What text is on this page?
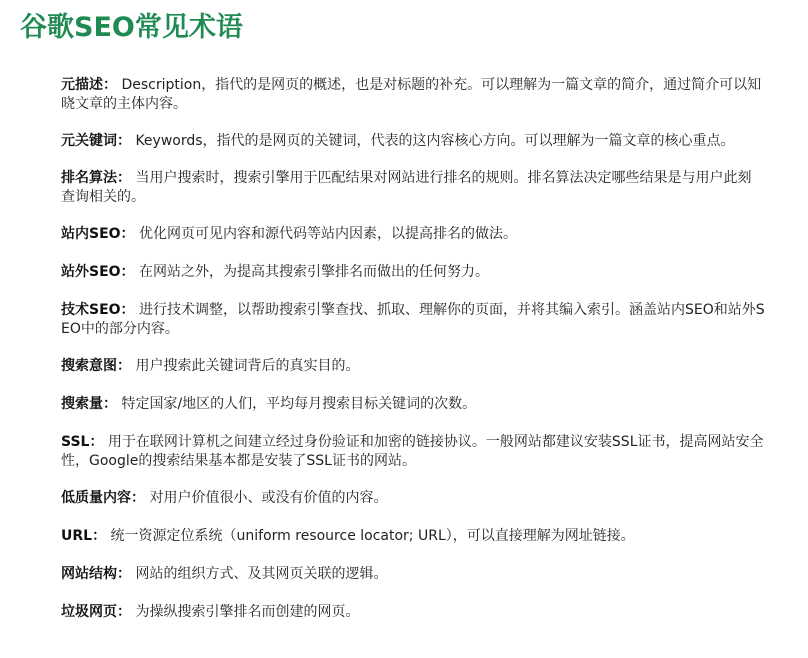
谷歌SEO常见术语

元描述： Description，指代的是网页的概述，也是对标题的补充。可以理解为一篇文章的简介，通过简介可以知晓文章的主体内容。

元关键词： Keywords，指代的是网页的关键词，代表的这内容核心方向。可以理解为一篇文章的核心重点。

排名算法： 当用户搜索时，搜索引擎用于匹配结果对网站进行排名的规则。排名算法决定哪些结果是与用户此刻查询相关的。

站内SEO： 优化网页可见内容和源代码等站内因素，以提高排名的做法。

站外SEO： 在网站之外，为提高其搜索引擎排名而做出的任何努力。

技术SEO： 进行技术调整，以帮助搜索引擎查找、抓取、理解你的页面，并将其编入索引。涵盖站内SEO和站外SEO中的部分内容。

搜索意图： 用户搜索此关键词背后的真实目的。

搜索量： 特定国家/地区的人们，平均每月搜索目标关键词的次数。

SSL： 用于在联网计算机之间建立经过身份验证和加密的链接协议。一般网站都建议安装SSL证书，提高网站安全性，Google的搜索结果基本都是安装了SSL证书的网站。

低质量内容： 对用户价值很小、或没有价值的内容。

URL： 统一资源定位系统（uniform resource locator; URL），可以直接理解为网址链接。

网站结构： 网站的组织方式、及其网页关联的逻辑。

垃圾网页： 为操纵搜索引擎排名而创建的网页。
